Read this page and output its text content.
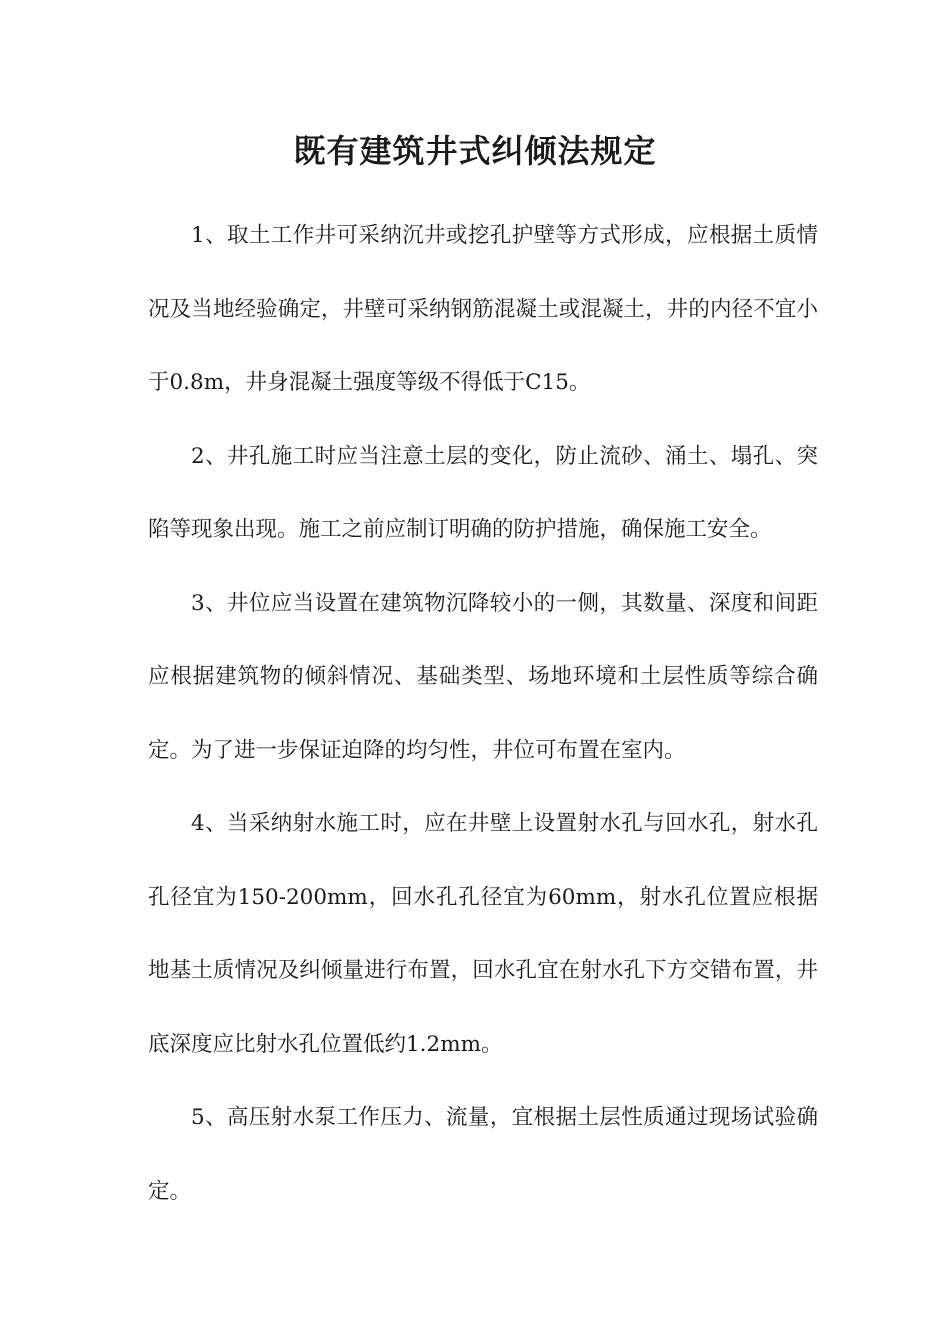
既有建筑井式纠倾法规定

1、取土工作井可采纳沉井或挖孔护壁等方式形成，应根据土质情况及当地经验确定，井壁可采纳钢筋混凝土或混凝土，井的内径不宜小于0.8m，井身混凝土强度等级不得低于C15。

2、井孔施工时应当注意土层的变化，防止流砂、涌土、塌孔、突陷等现象出现。施工之前应制订明确的防护措施，确保施工安全。

3、井位应当设置在建筑物沉降较小的一侧，其数量、深度和间距应根据建筑物的倾斜情况、基础类型、场地环境和土层性质等综合确定。为了进一步保证迫降的均匀性，井位可布置在室内。

4、当采纳射水施工时，应在井壁上设置射水孔与回水孔，射水孔孔径宜为150-200mm，回水孔孔径宜为60mm，射水孔位置应根据地基土质情况及纠倾量进行布置，回水孔宜在射水孔下方交错布置，井底深度应比射水孔位置低约1.2mm。

5、高压射水泵工作压力、流量，宜根据土层性质通过现场试验确定。
